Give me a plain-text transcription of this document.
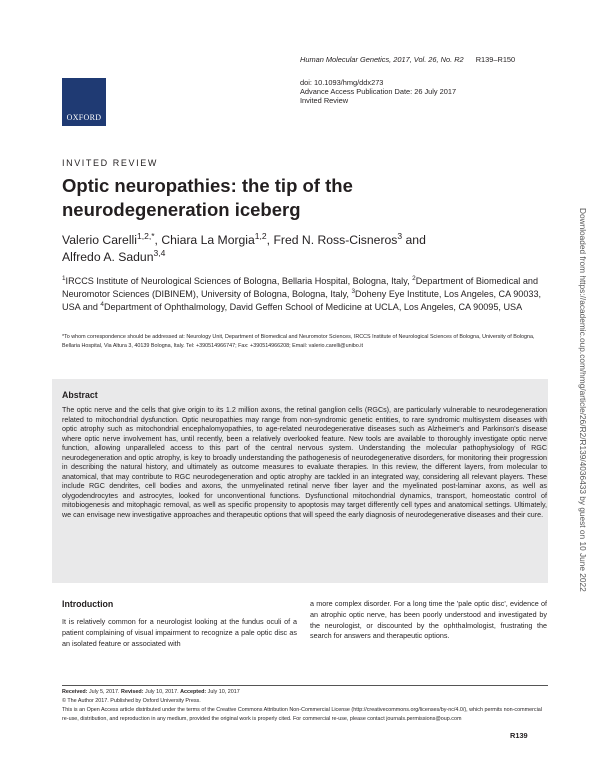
OXFORD
Human Molecular Genetics, 2017, Vol. 26, No. R2 R139–R150
doi: 10.1093/hmg/ddx273
Advance Access Publication Date: 26 July 2017
Invited Review
INVITED REVIEW
Optic neuropathies: the tip of the neurodegeneration iceberg
Valerio Carelli$^{1,2,*}$, Chiara La Morgia$^{1,2}$, Fred N. Ross-Cisneros$^3$ and
Alfredo A. Sadun$^{3,4}$
$^1$IRCCS Institute of Neurological Sciences of Bologna, Bellaria Hospital, Bologna, Italy, $^2$Department of Biomedical and Neuromotor Sciences (DIBINEM), University of Bologna, Bologna, Italy, $^3$Doheny Eye Institute, Los Angeles, CA 90033, USA and $^4$Department of Ophthalmology, David Geffen School of Medicine at UCLA, Los Angeles, CA 90095, USA
*To whom correspondence should be addressed at: Neurology Unit, Department of Biomedical and Neuromotor Sciences, IRCCS Institute of Neurological Sciences of Bologna, University of Bologna, Bellaria Hospital, Via Altura 3, 40139 Bologna, Italy. Tel: +390514966747; Fax: +390514966208; Email: valerio.carelli@unibo.it
Abstract
The optic nerve and the cells that give origin to its 1.2 million axons, the retinal ganglion cells (RGCs), are particularly vulnerable to neurodegeneration related to mitochondrial dysfunction. Optic neuropathies may range from non-syndromic genetic entities, to rare syndromic multisystem diseases with optic atrophy such as mitochondrial encephalomyopathies, to age-related neurodegenerative diseases such as Alzheimer's and Parkinson's disease where optic nerve involvement has, until recently, been a relatively overlooked feature. New tools are available to thoroughly investigate optic nerve function, allowing unparalleled access to this part of the central nervous system. Understanding the molecular pathophysiology of RGC neurodegeneration and optic atrophy, is key to broadly understanding the pathogenesis of neurodegenerative disorders, for monitoring their progression in describing the natural history, and ultimately as outcome measures to evaluate therapies. In this review, the different layers, from molecular to anatomical, that may contribute to RGC neurodegeneration and optic atrophy are tackled in an integrated way, considering all relevant players. These include RGC dendrites, cell bodies and axons, the unmyelinated retinal nerve fiber layer and the myelinated post-laminar axons, as well as olygodendrocytes and astrocytes, looked for unconventional functions. Dysfunctional mitochondrial dynamics, transport, homeostatic control of mitobiogenesis and mitophagic removal, as well as specific propensity to apoptosis may target differently cell types and anatomical settings. Ultimately, we can envisage new investigative approaches and therapeutic options that will speed the early diagnosis of neurodegenerative diseases and their cure.
Introduction
It is relatively common for a neurologist looking at the fundus oculi of a patient complaining of visual impairment to recognize a pale optic disc as an isolated feature or associated with
a more complex disorder. For a long time the 'pale optic disc', evidence of an atrophic optic nerve, has been poorly understood and investigated by the neurologist, or discounted by the ophthalmologist, frustrating the search for answers and therapeutic options.
Received: July 5, 2017. Revised: July 10, 2017. Accepted: July 10, 2017
© The Author 2017. Published by Oxford University Press.
This is an Open Access article distributed under the terms of the Creative Commons Attribution Non-Commercial License (http://creativecommons.org/licenses/by-nc/4.0/), which permits non-commercial re-use, distribution, and reproduction in any medium, provided the original work is properly cited. For commercial re-use, please contact journals.permissions@oup.com
R139
Downloaded from https://academic.oup.com/hmg/article/26/R2/R139/4036433 by guest on 10 June 2022
